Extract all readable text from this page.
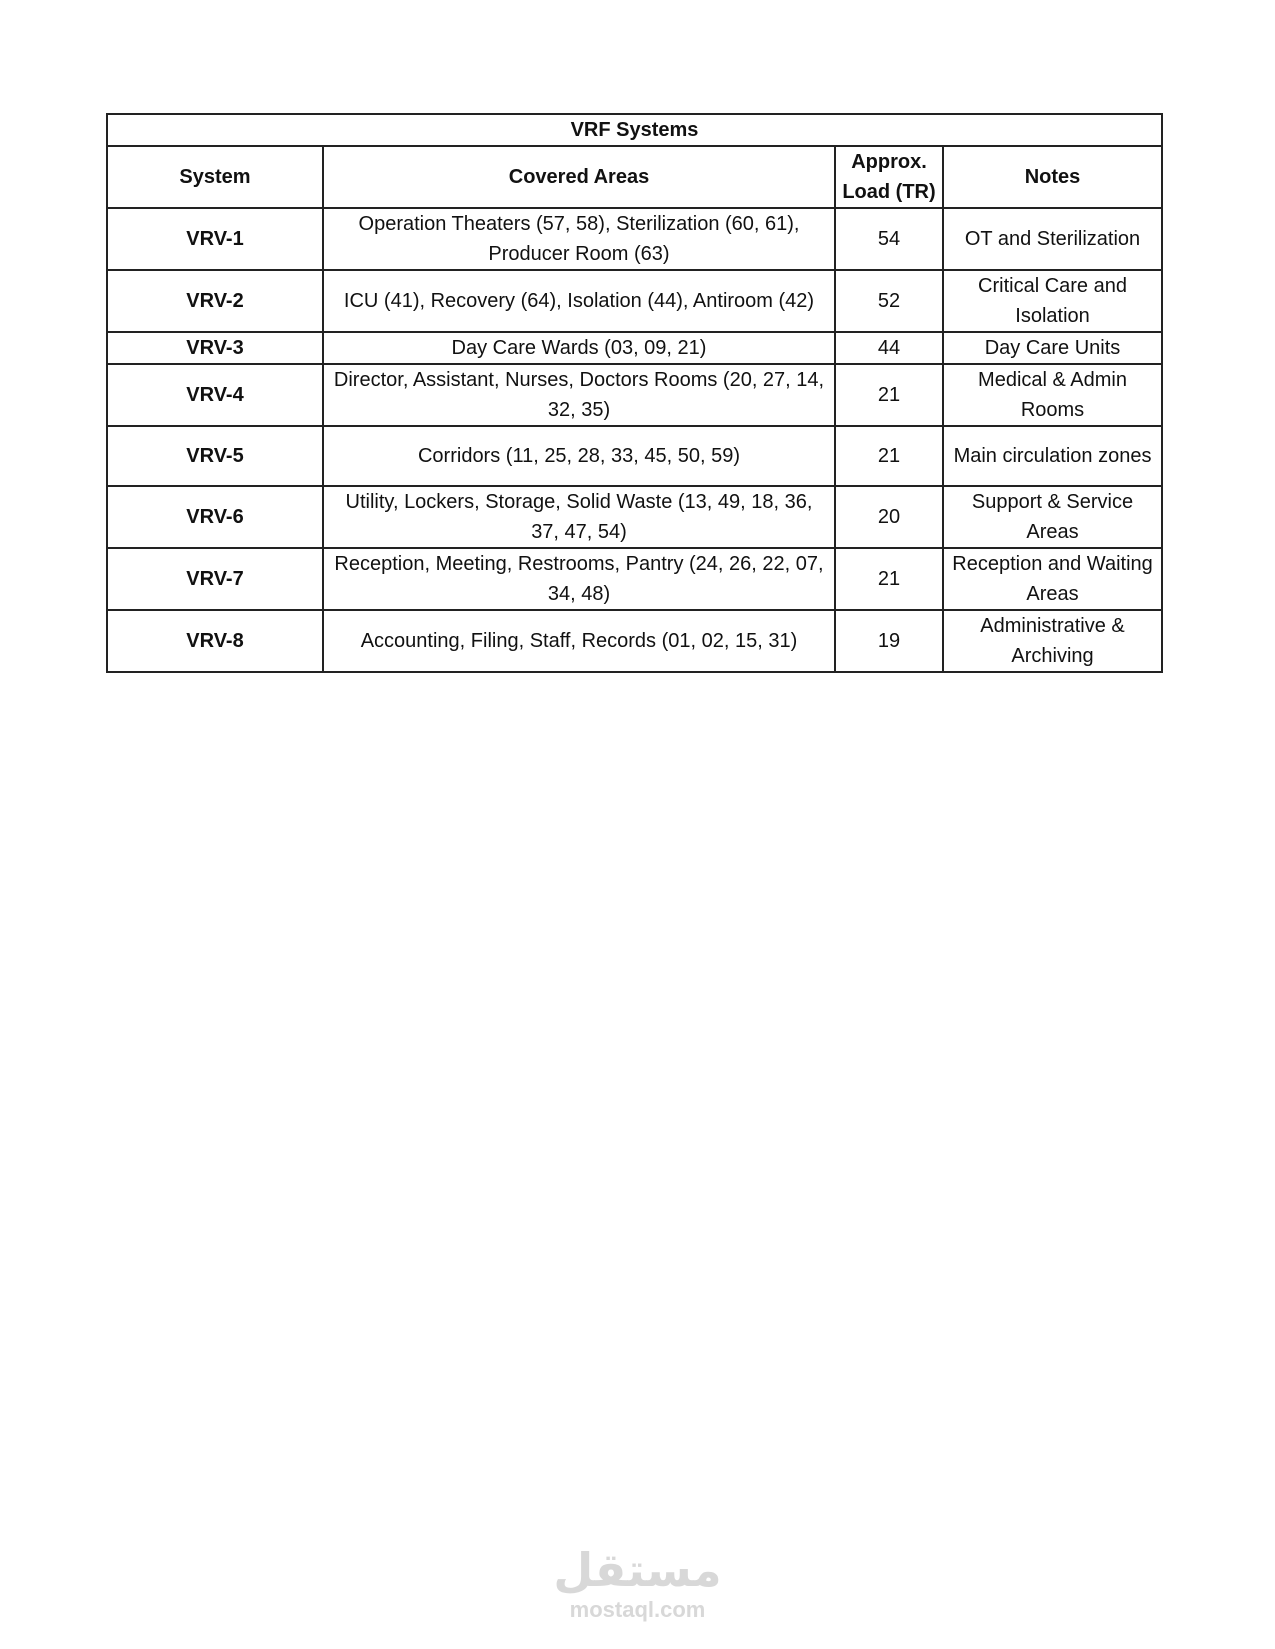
VRF Systems			
System	Covered Areas	Approx. Load (TR)	Notes
VRV-1	Operation Theaters (57, 58), Sterilization (60, 61), Producer Room (63)	54	OT and Sterilization
VRV-2	ICU (41), Recovery (64), Isolation (44), Antiroom (42)	52	Critical Care and Isolation
VRV-3	Day Care Wards (03, 09, 21)	44	Day Care Units
VRV-4	Director, Assistant, Nurses, Doctors Rooms (20, 27, 14, 32, 35)	21	Medical & Admin Rooms
VRV-5	Corridors (11, 25, 28, 33, 45, 50, 59)	21	Main circulation zones
VRV-6	Utility, Lockers, Storage, Solid Waste (13, 49, 18, 36, 37, 47, 54)	20	Support & Service Areas
VRV-7	Reception, Meeting, Restrooms, Pantry (24, 26, 22, 07, 34, 48)	21	Reception and Waiting Areas
VRV-8	Accounting, Filing, Staff, Records (01, 02, 15, 31)	19	Administrative & Archiving
مستقل
mostaql.com
